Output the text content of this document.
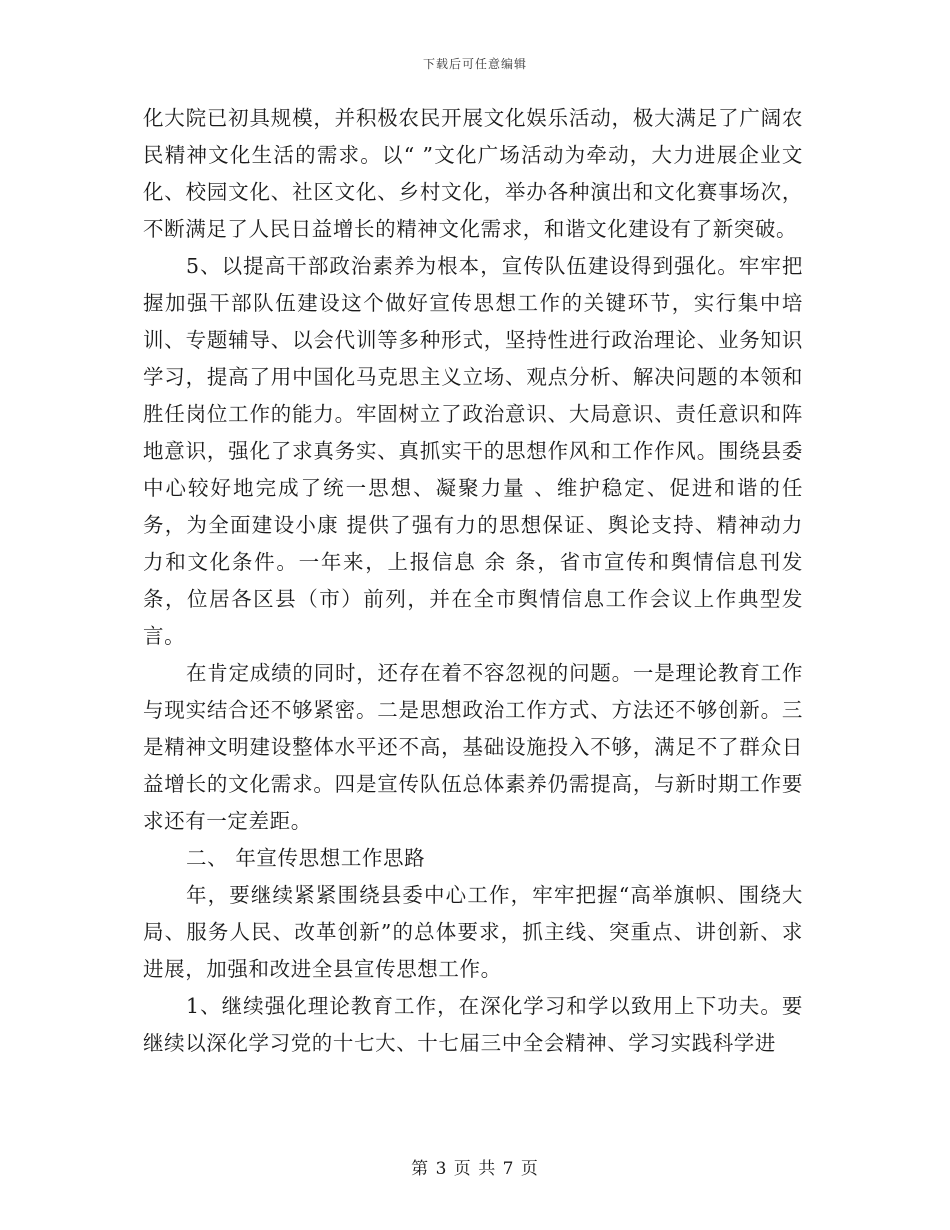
下载后可任意编辑

化大院已初具规模，并积极农民开展文化娱乐活动，极大满足了广阔农民精神文化生活的需求。以“ ”文化广场活动为牵动，大力进展企业文化、校园文化、社区文化、乡村文化，举办各种演出和文化赛事场次，不断满足了人民日益增长的精神文化需求，和谐文化建设有了新突破。

5、以提高干部政治素养为根本，宣传队伍建设得到强化。牢牢把握加强干部队伍建设这个做好宣传思想工作的关键环节，实行集中培训、专题辅导、以会代训等多种形式，坚持性进行政治理论、业务知识学习，提高了用中国化马克思主义立场、观点分析、解决问题的本领和胜任岗位工作的能力。牢固树立了政治意识、大局意识、责任意识和阵地意识，强化了求真务实、真抓实干的思想作风和工作作风。围绕县委中心较好地完成了统一思想、凝聚力量 、维护稳定、促进和谐的任务，为全面建设小康 提供了强有力的思想保证、舆论支持、精神动力力和文化条件。一年来，上报信息 余 条，省市宣传和舆情信息刊发 条，位居各区县（市）前列，并在全市舆情信息工作会议上作典型发言。

在肯定成绩的同时，还存在着不容忽视的问题。一是理论教育工作与现实结合还不够紧密。二是思想政治工作方式、方法还不够创新。三是精神文明建设整体水平还不高，基础设施投入不够，满足不了群众日益增长的文化需求。四是宣传队伍总体素养仍需提高，与新时期工作要求还有一定差距。

二、 年宣传思想工作思路

年，要继续紧紧围绕县委中心工作，牢牢把握“高举旗帜、围绕大局、服务人民、改革创新”的总体要求，抓主线、突重点、讲创新、求进展，加强和改进全县宣传思想工作。

1、继续强化理论教育工作，在深化学习和学以致用上下功夫。要继续以深化学习党的十七大、十七届三中全会精神、学习实践科学进

第 3 页 共 7 页
